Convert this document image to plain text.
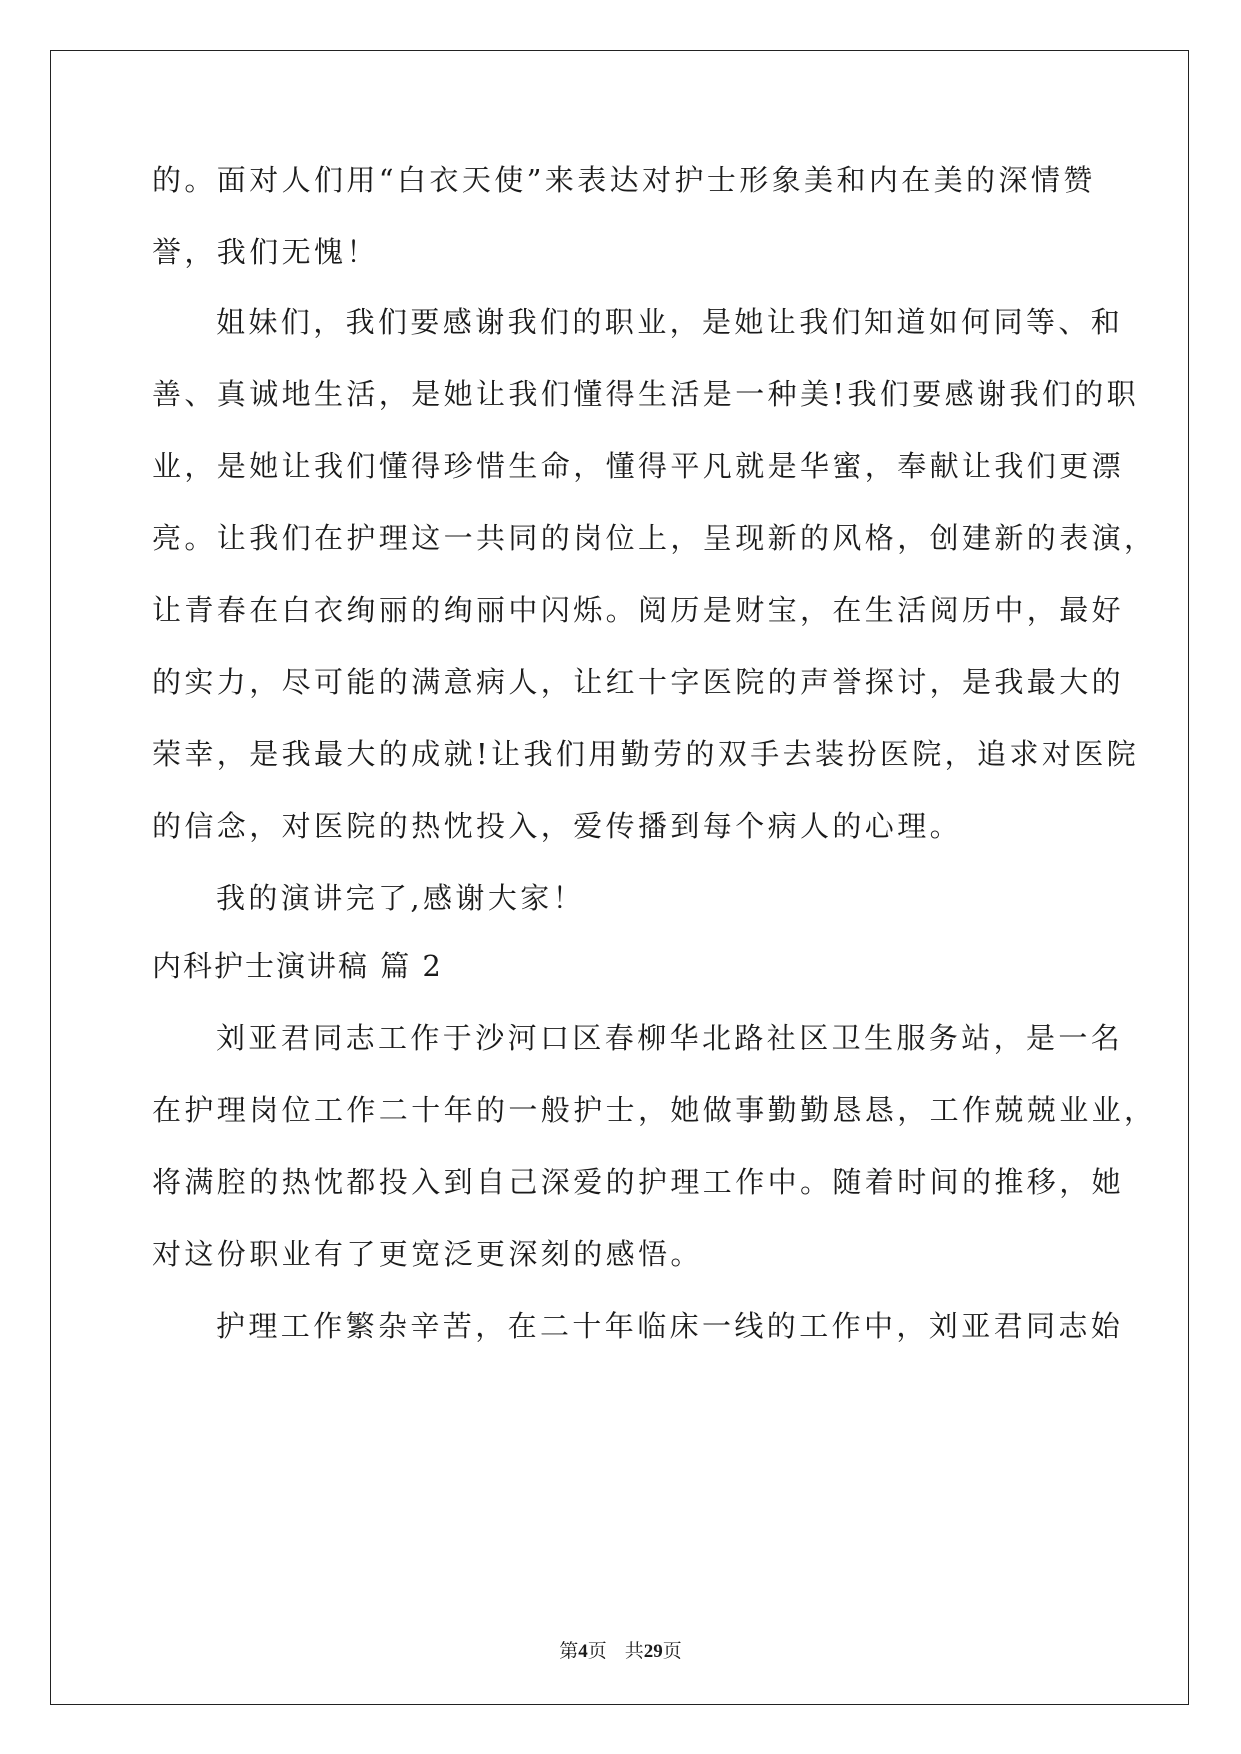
的。面对人们用“白衣天使”来表达对护士形象美和内在美的深情赞
誉，我们无愧！
姐妹们，我们要感谢我们的职业，是她让我们知道如何同等、和
善、真诚地生活，是她让我们懂得生活是一种美!我们要感谢我们的职
业，是她让我们懂得珍惜生命，懂得平凡就是华蜜，奉献让我们更漂
亮。让我们在护理这一共同的岗位上，呈现新的风格，创建新的表演，
让青春在白衣绚丽的绚丽中闪烁。阅历是财宝，在生活阅历中，最好
的实力，尽可能的满意病人，让红十字医院的声誉探讨，是我最大的
荣幸，是我最大的成就!让我们用勤劳的双手去装扮医院，追求对医院
的信念，对医院的热忱投入，爱传播到每个病人的心理。
我的演讲完了,感谢大家！
内科护士演讲稿 篇 2
刘亚君同志工作于沙河口区春柳华北路社区卫生服务站，是一名
在护理岗位工作二十年的一般护士，她做事勤勤恳恳，工作兢兢业业，
将满腔的热忱都投入到自己深爱的护理工作中。随着时间的推移，她
对这份职业有了更宽泛更深刻的感悟。
护理工作繁杂辛苦，在二十年临床一线的工作中，刘亚君同志始
第4页 共29页
